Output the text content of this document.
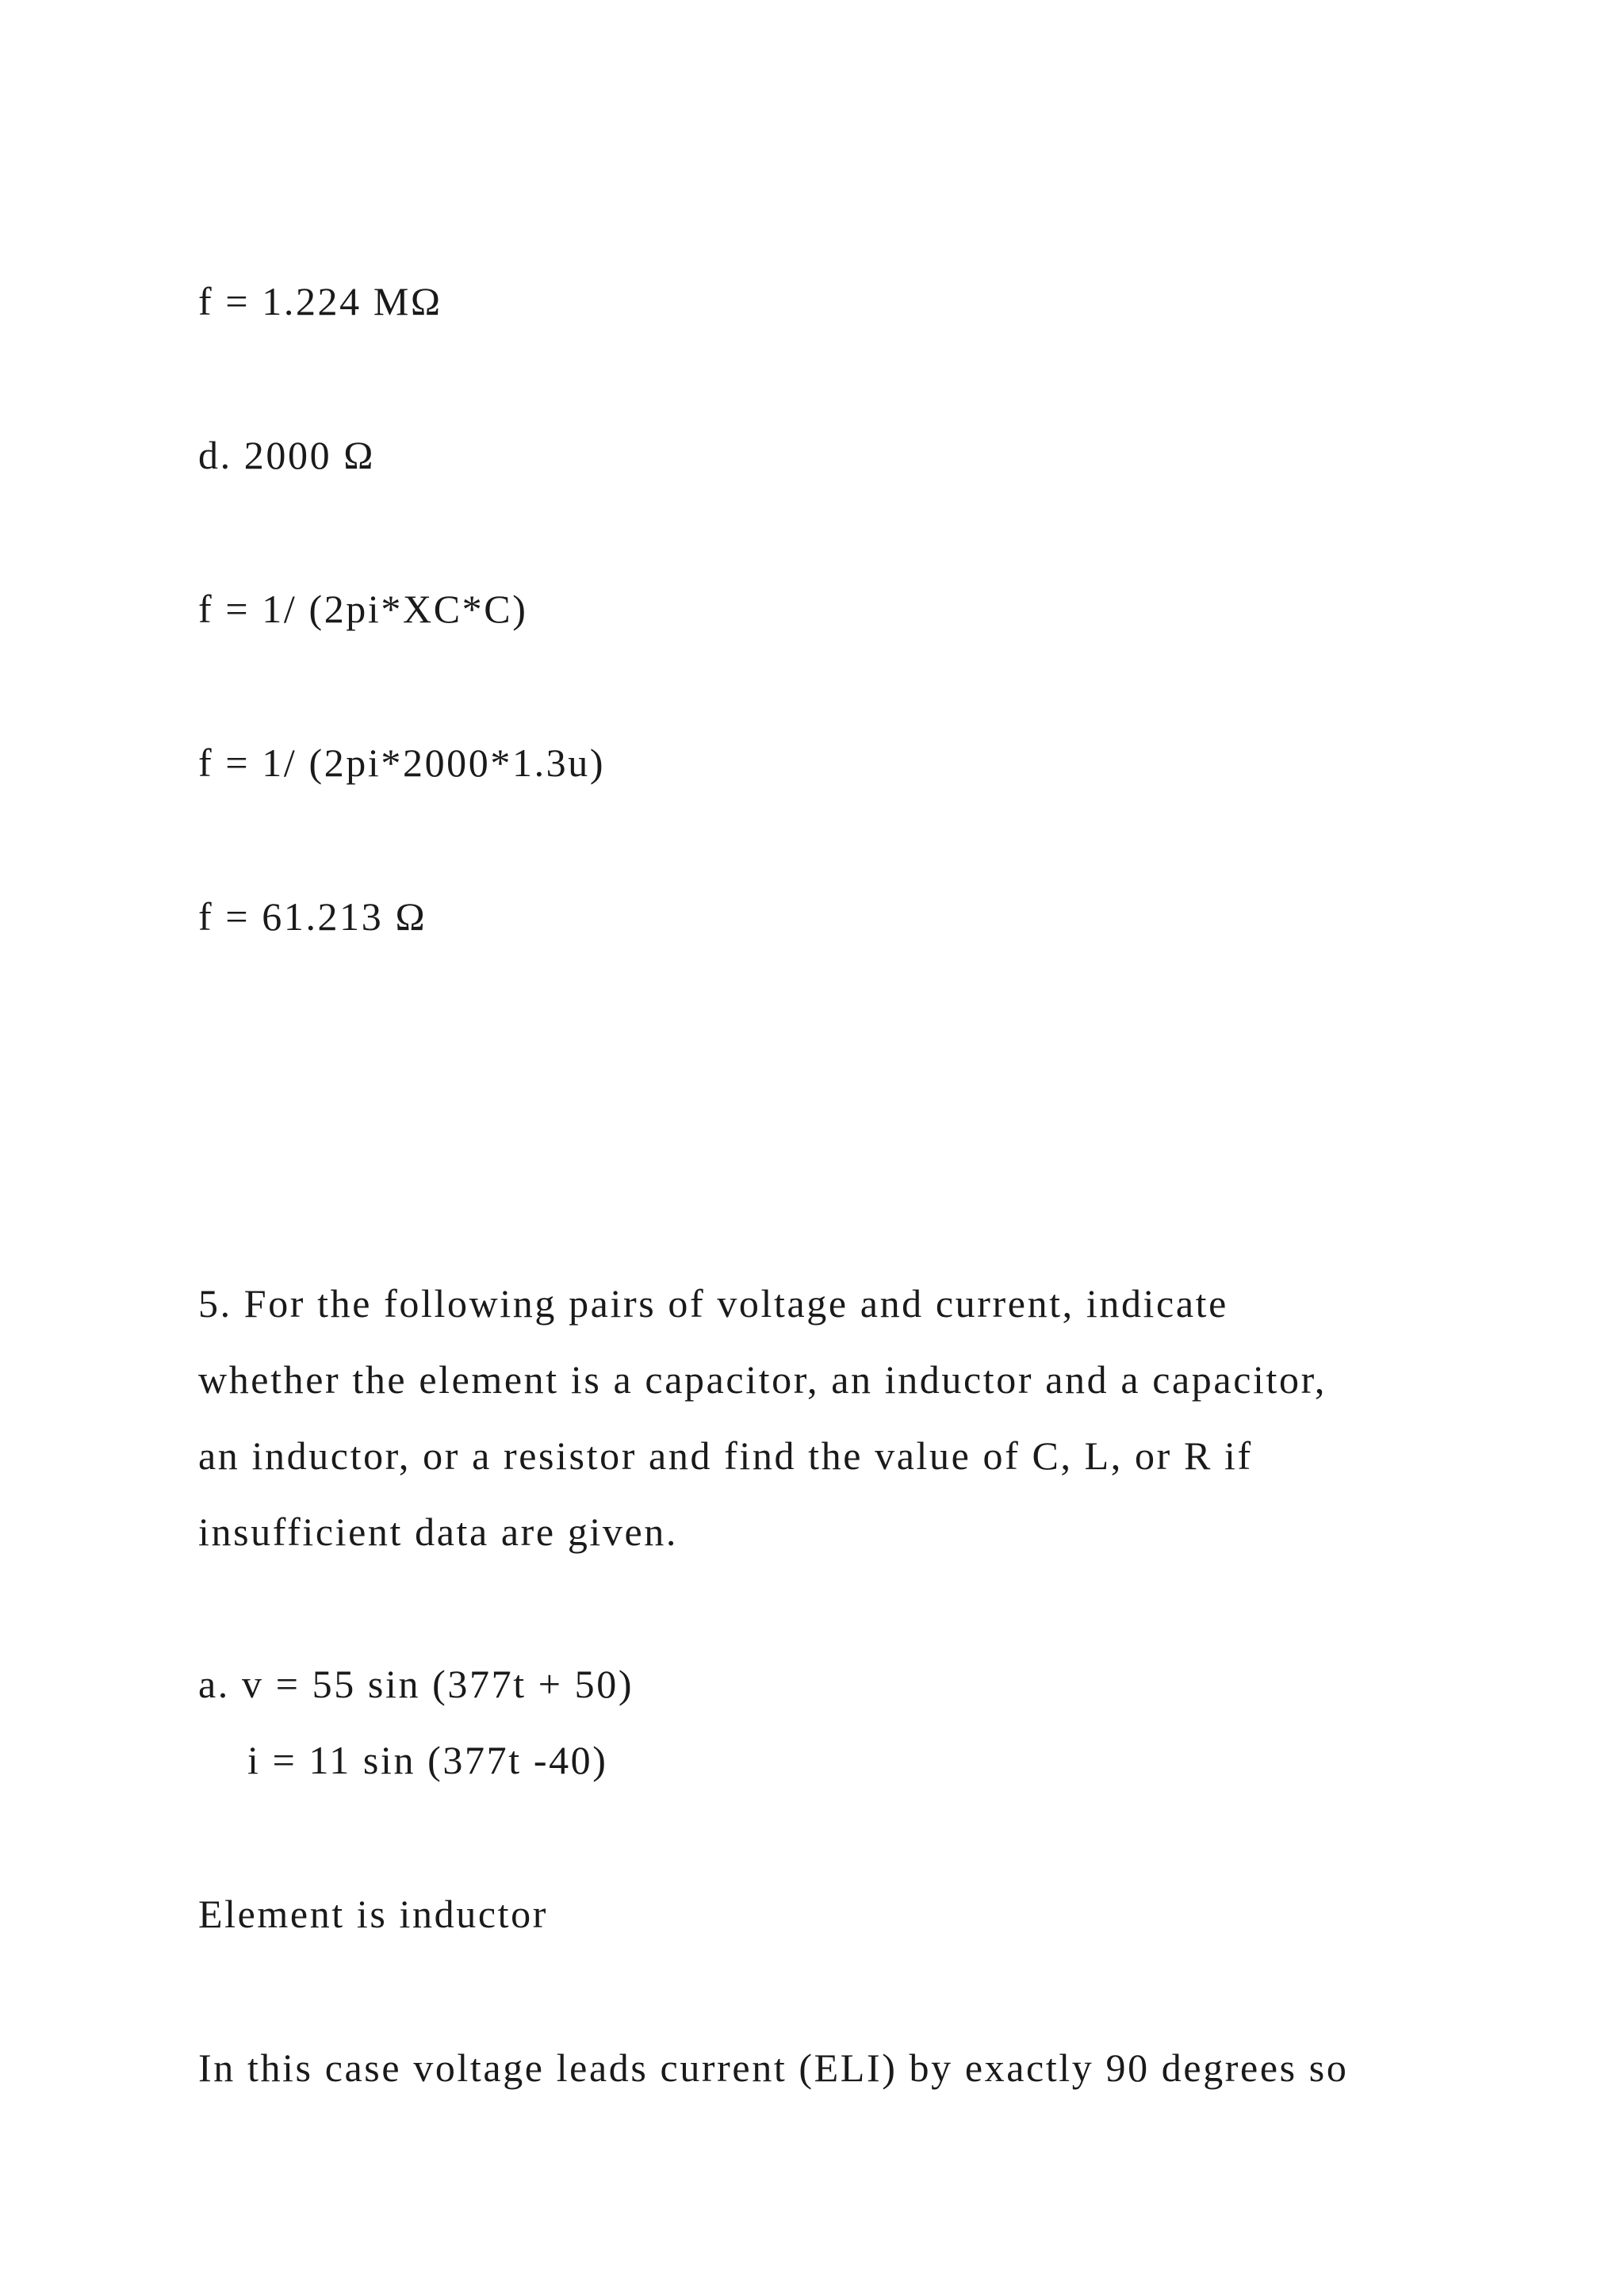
f = 1.224 MΩ
d. 2000 Ω
f = 1/ (2pi*XC*C)
f = 1/ (2pi*2000*1.3u)
f = 61.213 Ω
5. For the following pairs of voltage and current, indicate
whether the element is a capacitor, an inductor and a capacitor,
an inductor, or a resistor and find the value of C, L, or R if
insufficient data are given.
a. v = 55 sin (377t + 50)
i = 11 sin (377t -40)
Element is inductor
In this case voltage leads current (ELI) by exactly 90 degrees so
